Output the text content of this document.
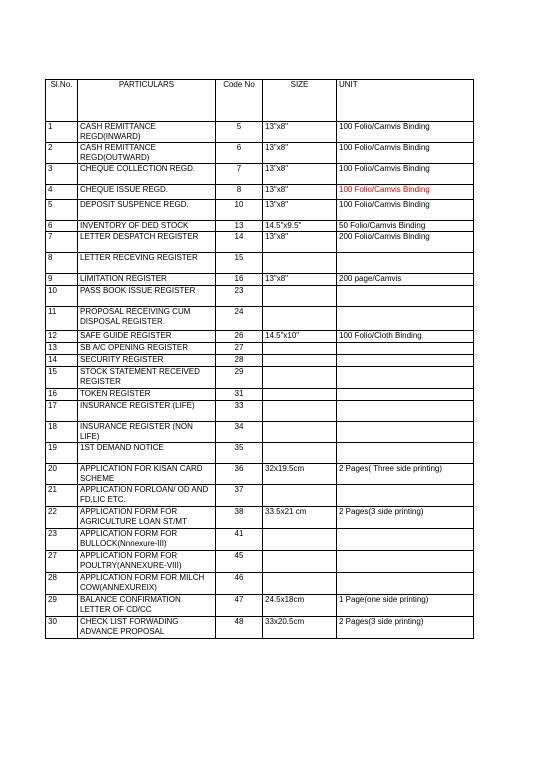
Sl.No.	PARTICULARS	Code No	SIZE	UNIT
1	CASH REMITTANCE REGD(INWARD)	5	13"x8"	100 Folio/Camvis Binding
2	CASH REMITTANCE REGD(OUTWARD)	6	13"x8"	100 Folio/Camvis Binding
3	CHEQUE COLLECTION REGD.	7	13"x8"	100 Folio/Camvis Binding
4	CHEQUE ISSUE REGD.	8	13"x8"	100 Folio/Camvis Binding
5	DEPOSIT SUSPENCE REGD.	10	13"x8"	100 Folio/Camvis Binding
6	INVENTORY OF DED STOCK	13	14.5"x9.5"	50 Folio/Camvis Binding
7	LETTER DESPATCH REGISTER	14	13"x8"	200 Folio/Camvis Binding
8	LETTER RECEVING REGISTER	15		
9	LIMITATION REGISTER	16	13"x8"	200 page/Camvis
10	PASS BOOK ISSUE REGISTER	23		
11	PROPOSAL RECEIVING CUM DISPOSAL REGISTER.	24		
12	SAFE GUIDE REGISTER	26	14.5"x10"	100 Folio/Cloth Binding
13	SB A/C OPENING REGISTER	27		
14	SECURITY REGISTER	28		
15	STOCK STATEMENT RECEIVED REGISTER	29		
16	TOKEN REGISTER	31		
17	INSURANCE REGISTER (LIFE)	33		
18	INSURANCE REGISTER (NON LIFE)	34		
19	1ST DEMAND NOTICE	35		
20	APPLICATION FOR KISAN CARD SCHEME	36	32x19.5cm	2 Pages( Three side printing)
21	APPLICATION FORLOAN/ OD AND FD,LIC ETC.	37		
22	APPLICATION FORM FOR AGRICULTURE LOAN ST/MT	38	33.5x21 cm	2 Pages(3 side printing)
23	APPLICATION FORM FOR BULLOCK(Nnnexure-III)	41		
27	APPLICATION FORM FOR POULTRY(ANNEXURE-VIII)	45		
28	APPLICATION FORM FOR MILCH COW(ANNEXUREIX)	46		
29	BALANCE CONFIRMATION LETTER OF CD/CC	47	24.5x18cm	1 Page(one side printing)
30	CHECK LIST FORWADING ADVANCE PROPOSAL	48	33x20.5cm	2 Pages(3 side printing)
